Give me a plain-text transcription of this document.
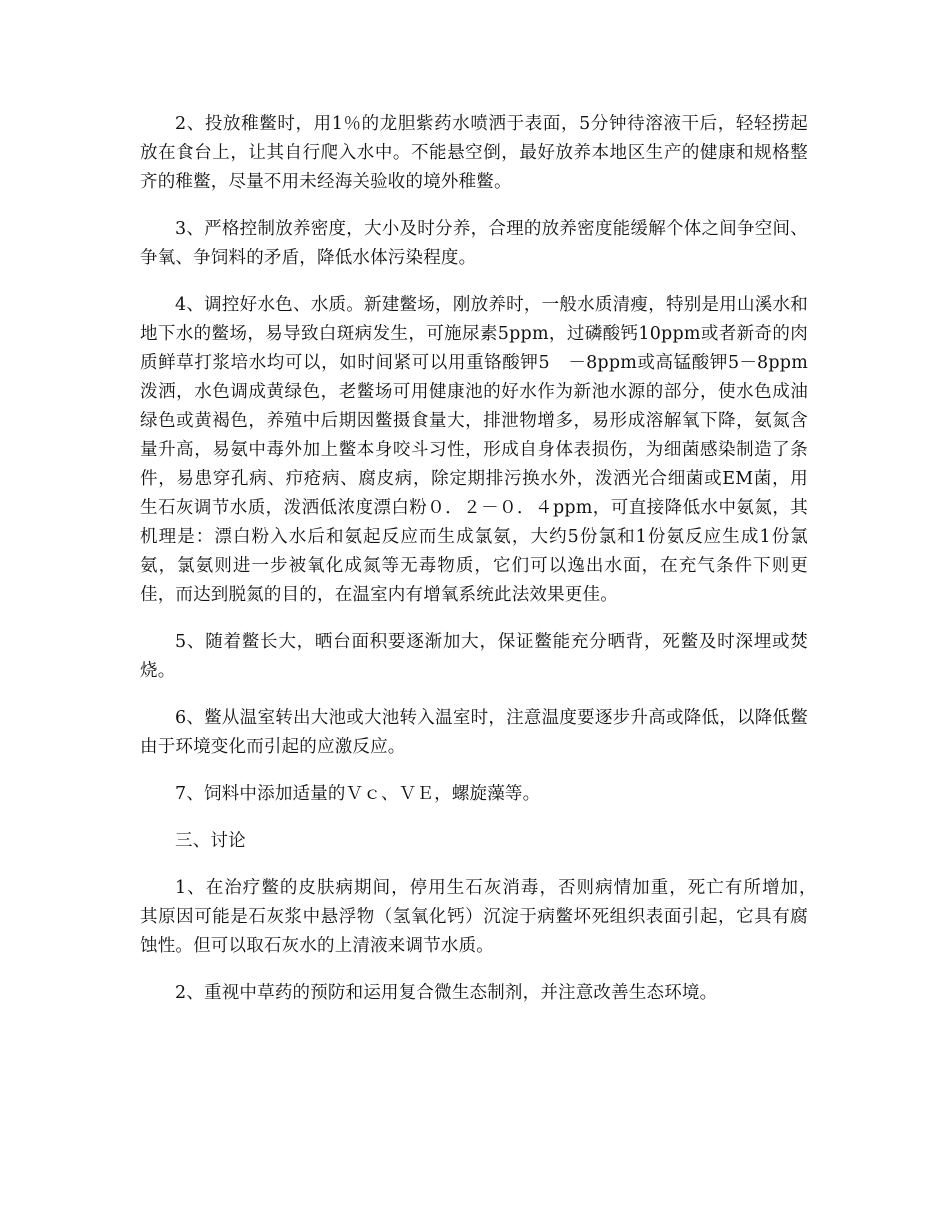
2、投放稚鳖时，用1％的龙胆紫药水喷洒于表面，5分钟待溶液干后，轻轻捞起放在食台上，让其自行爬入水中。不能悬空倒，最好放养本地区生产的健康和规格整齐的稚鳖，尽量不用未经海关验收的境外稚鳖。

3、严格控制放养密度，大小及时分养，合理的放养密度能缓解个体之间争空间、争氧、争饲料的矛盾，降低水体污染程度。

4、调控好水色、水质。新建鳖场，刚放养时，一般水质清瘦，特别是用山溪水和地下水的鳖场，易导致白斑病发生，可施尿素5ppm，过磷酸钙10ppm或者新奇的肉质鲜草打浆培水均可以，如时间紧可以用重铬酸钾5　－8ppm或高锰酸钾5－8ppm泼洒，水色调成黄绿色，老鳖场可用健康池的好水作为新池水源的部分，使水色成油绿色或黄褐色，养殖中后期因鳖摄食量大，排泄物增多，易形成溶解氧下降，氨氮含量升高，易氨中毒外加上鳖本身咬斗习性，形成自身体表损伤，为细菌感染制造了条件，易患穿孔病、疖疮病、腐皮病，除定期排污换水外，泼洒光合细菌或EM菌，用生石灰调节水质，泼洒低浓度漂白粉０．２－０．４ppm，可直接降低水中氨氮，其机理是：漂白粉入水后和氨起反应而生成氯氨，大约5份氯和1份氨反应生成1份氯氨，氯氨则进一步被氧化成氮等无毒物质，它们可以逸出水面，在充气条件下则更佳，而达到脱氮的目的，在温室内有增氧系统此法效果更佳。

5、随着鳖长大，晒台面积要逐渐加大，保证鳖能充分晒背，死鳖及时深埋或焚烧。

6、鳖从温室转出大池或大池转入温室时，注意温度要逐步升高或降低，以降低鳖由于环境变化而引起的应激反应。

7、饲料中添加适量的Ｖｃ、ＶＥ，螺旋藻等。

三、讨论

1、在治疗鳖的皮肤病期间，停用生石灰消毒，否则病情加重，死亡有所增加，　其原因可能是石灰浆中悬浮物（氢氧化钙）沉淀于病鳖坏死组织表面引起，它具有腐蚀性。但可以取石灰水的上清液来调节水质。

2、重视中草药的预防和运用复合微生态制剂，并注意改善生态环境。
